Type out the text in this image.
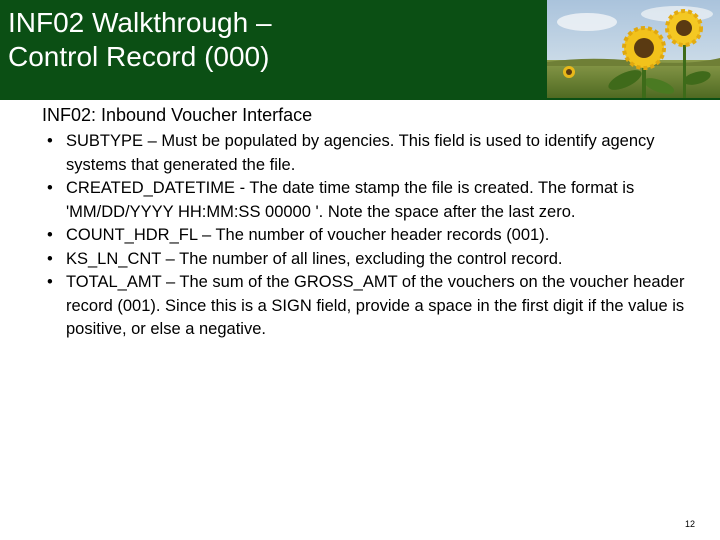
INF02 Walkthrough –
Control Record (000)
INF02: Inbound Voucher Interface
• SUBTYPE – Must be populated by agencies. This field is used to identify agency systems that generated the file.
• CREATED_DATETIME - The date time stamp the file is created. The format is 'MM/DD/YYYY HH:MM:SS 00000 '. Note the space after the last zero.
• COUNT_HDR_FL – The number of voucher header records (001).
• KS_LN_CNT – The number of all lines, excluding the control record.
• TOTAL_AMT – The sum of the GROSS_AMT of the vouchers on the voucher header record (001). Since this is a SIGN field, provide a space in the first digit if the value is positive, or else a negative.
12
